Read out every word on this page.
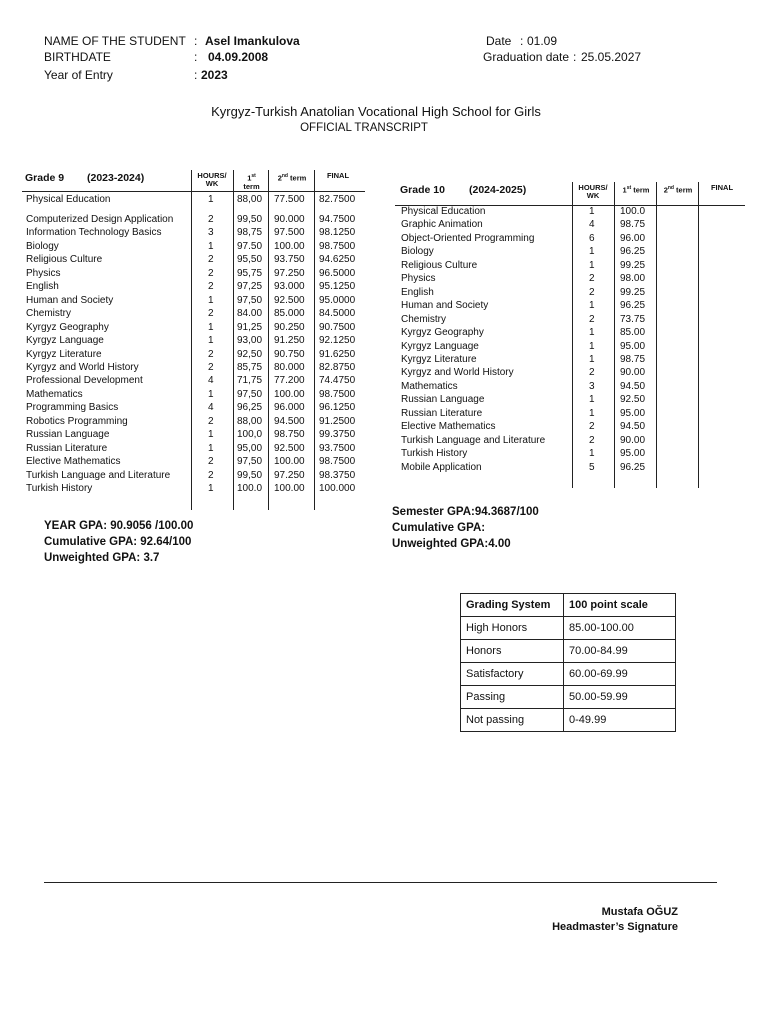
NAME OF THE STUDENT : Asel Imankulova
BIRTHDATE	: 04.09.2008
Year of Entry	: 2023
Date : 01.09
Graduation date : 25.05.2027
Kyrgyz-Turkish Anatolian Vocational High School for Girls
OFFICIAL TRANSCRIPT
Grade 9 (2023-2024)	HOURS/ WK
1st
term
2nd term	FINAL
Physical Education	1 88,00 77.500 82.7500
Computerized Design Application	2 99,50 90.000 94.7500
Information Technology Basics	3 98,75 97.500 98.1250
Biology	1 97.50 100.00 98.7500
Religious Culture	2 95,50 93.750 94.6250
Physics	2 95,75 97.250 96.5000
English	2 97,25 93.000 95.1250
Human and Society	1 97,50 92.500 95.0000
Chemistry	2 84.00 85.000 84.5000
Kyrgyz Geography	1 91,25 90.250 90.7500
Kyrgyz Language	1 93,00 91.250 92.1250
Kyrgyz Literature	2 92,50 90.750 91.6250
Kyrgyz and World History	2 85,75 80.000 82.8750
Professional Development	4 71,75 77.200 74.4750
Mathematics	1 97,50 100.00 98.7500
Programming Basics	4 96,25 96.000 96.1250
Robotics Programming	2 88,00 94.500 91.2500
Russian Language	1 100,0 98.750 99.3750
Russian Literature	1 95,00 92.500 93.7500
Elective Mathematics	2 97,50 100.00 98.7500
Turkish Language and Literature	2 99,50 97.250 98.3750
Turkish History	1 100.0 100.00 100.000
YEAR GPA: 90.9056 /100.00
Cumulative GPA: 92.64/100
Unweighted GPA: 3.7
Grade 10 (2024-2025)	HOURS/ WK
1st term	2nd term	FINAL
Physical Education	1	100.0
Graphic Animation	4	98.75
Object-Oriented Programming	6	96.00
Biology	1	96.25
Religious Culture	1	99.25
Physics	2	98.00
English	2	99.25
Human and Society	1	96.25
Chemistry	2	73.75
Kyrgyz Geography	1	85.00
Kyrgyz Language	1	95.00
Kyrgyz Literature	1	98.75
Kyrgyz and World History	2	90.00
Mathematics	3	94.50
Russian Language	1	92.50
Russian Literature	1	95.00
Elective Mathematics	2	94.50
Turkish Language and Literature	2	90.00
Turkish History	1	95.00
Mobile Application	5	96.25
Semester GPA:94.3687/100
Cumulative GPA:
Unweighted GPA:4.00
Grading System	100 point scale
High Honors	85.00-100.00
Honors	70.00-84.99
Satisfactory	60.00-69.99
Passing	50.00-59.99
Not passing	0-49.99
Mustafa OĞUZ
Headmaster’s Signature
